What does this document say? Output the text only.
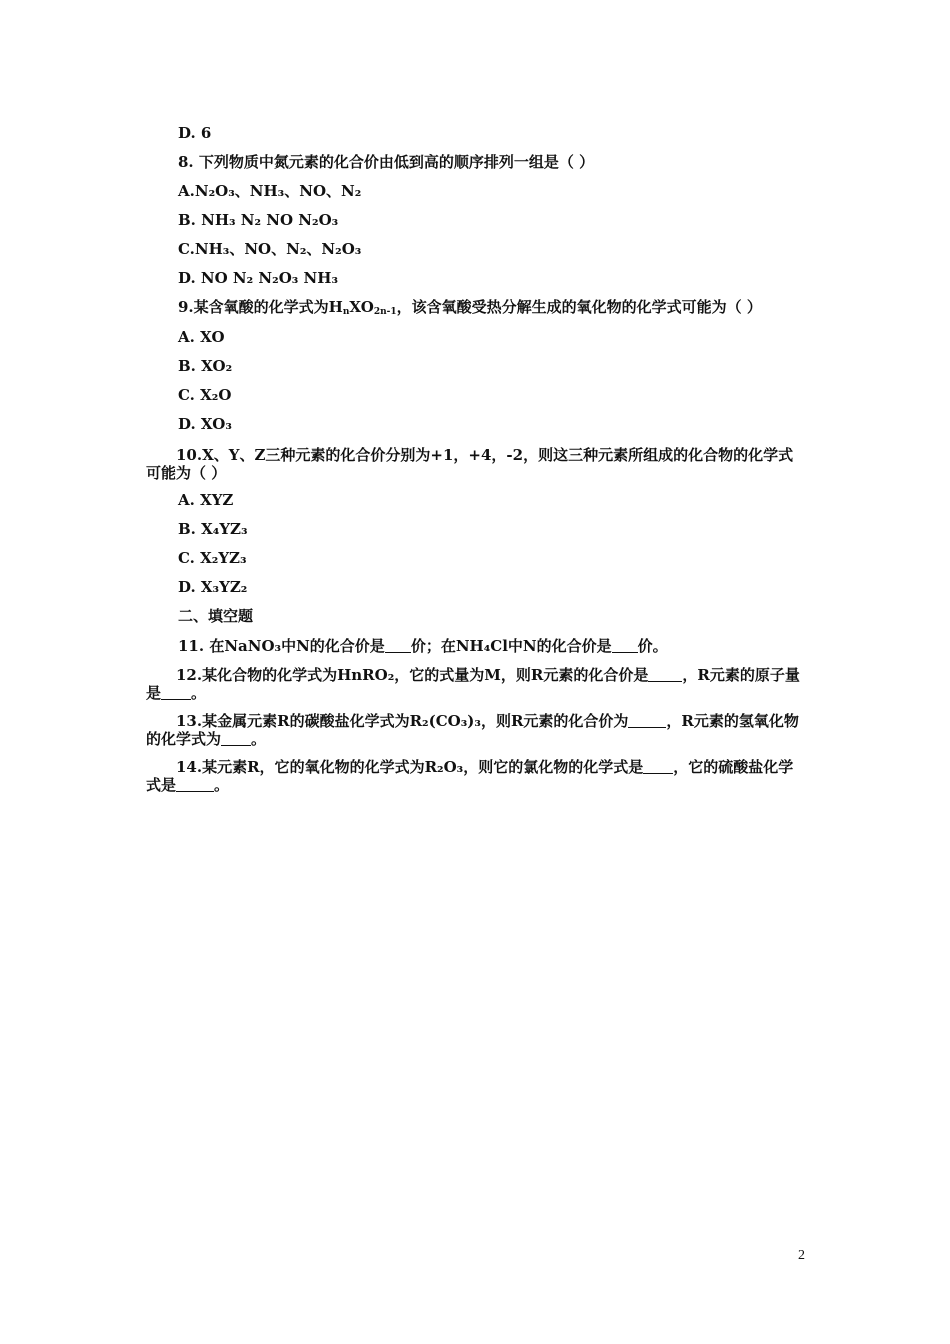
D. 6
8. 下列物质中氮元素的化合价由低到高的顺序排列一组是（ ）
A.N₂O₃、NH₃、NO、N₂
B. NH₃ N₂ NO N₂O₃
C.NH₃、NO、N₂、N₂O₃
D. NO N₂ N₂O₃ NH₃
9.某含氧酸的化学式为$H_nXO_{2n-1}$，该含氧酸受热分解生成的氧化物的化学式可能为（ ）
A. XO
B. XO₂
C. X₂O
D. XO₃
10.X、Y、Z三种元素的化合价分别为+1，+4，-2，则这三种元素所组成的化合物的化学式可能为（ ）
A. XYZ
B. X₄YZ₃
C. X₂YZ₃
D. X₃YZ₂
二、填空题
11. 在NaNO₃中N的化合价是 价；在NH₄Cl中N的化合价是 价。
12.某化合物的化学式为HnRO₂，它的式量为M，则R元素的化合价是 ，R元素的原子量是 。
13.某金属元素R的碳酸盐化学式为R₂(CO₃)₃，则R元素的化合价为	，R元素的氢氧化物的化学式为 。
14.某元素R，它的氧化物的化学式为R₂O₃，则它的氯化物的化学式是 ，它的硫酸盐化学式是	。
2
